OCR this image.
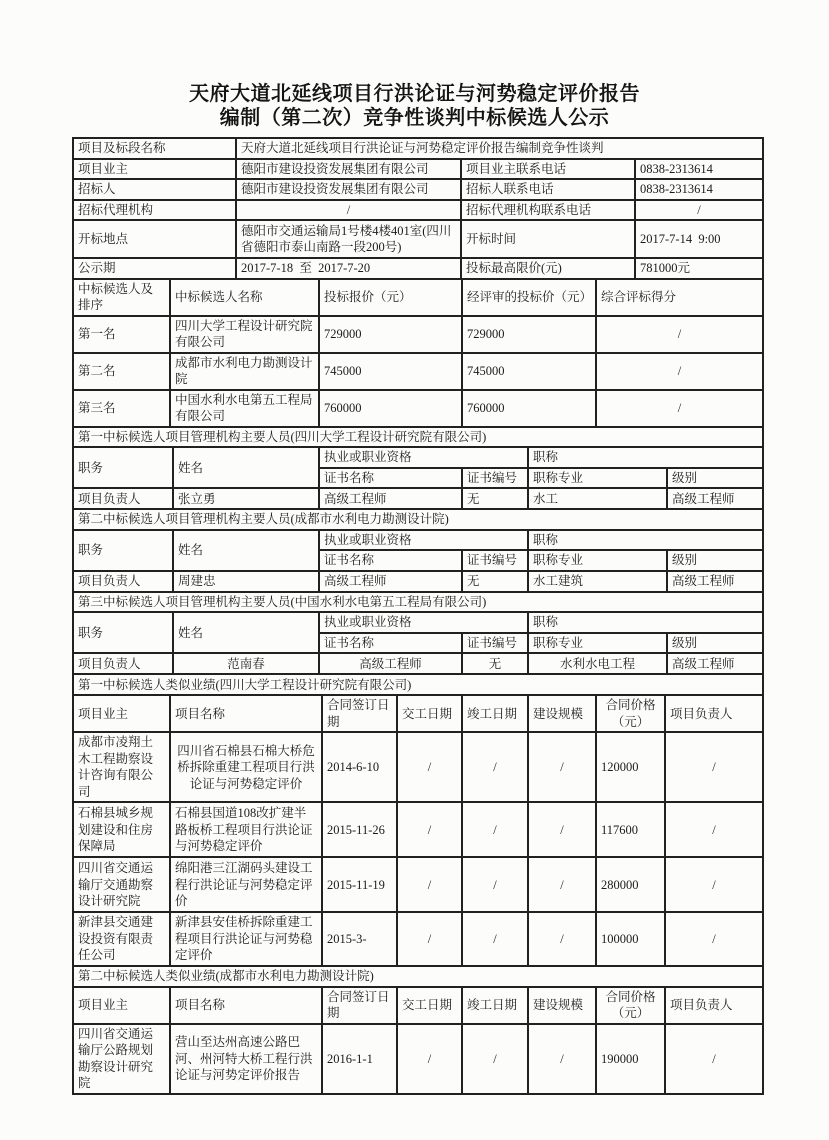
天府大道北延线项目行洪论证与河势稳定评价报告
编制（第二次）竞争性谈判中标候选人公示
项目及标段名称	天府大道北延线项目行洪论证与河势稳定评价报告编制竞争性谈判		
项目业主	德阳市建设投资发展集团有限公司	项目业主联系电话	0838-2313614
招标人	德阳市建设投资发展集团有限公司	招标人联系电话	0838-2313614
招标代理机构	/	招标代理机构联系电话	/
开标地点	德阳市交通运输局1号楼4楼401室(四川省德阳市泰山南路一段200号)	开标时间	2017-7-14  9:00
公示期	2017-7-18  至  2017-7-20	投标最高限价(元)	781000元
中标候选人及排序	中标候选人名称	投标报价（元）	经评审的投标价（元）	综合评标得分
第一名	四川大学工程设计研究院有限公司	729000	729000	/
第二名	成都市水利电力勘测设计院	745000	745000	/
第三名	中国水利水电第五工程局有限公司	760000	760000	/
第一中标候选人项目管理机构主要人员(四川大学工程设计研究院有限公司)					
职务	姓名	执业或职业资格		职称	
		证书名称	证书编号	职称专业	级别
项目负责人	张立勇	高级工程师	无	水工	高级工程师
第二中标候选人项目管理机构主要人员(成都市水利电力勘测设计院)					
职务	姓名	执业或职业资格		职称	
		证书名称	证书编号	职称专业	级别
项目负责人	周建忠	高级工程师	无	水工建筑	高级工程师
第三中标候选人项目管理机构主要人员(中国水利水电第五工程局有限公司)					
职务	姓名	执业或职业资格		职称	
		证书名称	证书编号	职称专业	级别
项目负责人	范南春	高级工程师	无	水利水电工程	高级工程师
第一中标候选人类似业绩(四川大学工程设计研究院有限公司)							
项目业主	项目名称	合同签订日期	交工日期	竣工日期	建设规模	合同价格（元）	项目负责人
成都市凌翔土木工程勘察设计咨询有限公司	四川省石棉县石棉大桥危桥拆除重建工程项目行洪论证与河势稳定评价	2014-6-10	/	/	/	120000	/
石棉县城乡规划建设和住房保障局	石棉县国道108改扩建半路板桥工程项目行洪论证与河势稳定评价	2015-11-26	/	/	/	117600	/
四川省交通运输厅交通勘察设计研究院	绵阳港三江湖码头建设工程行洪论证与河势稳定评价	2015-11-19	/	/	/	280000	/
新津县交通建设投资有限责任公司	新津县安佳桥拆除重建工程项目行洪论证与河势稳定评价	2015-3-	/	/	/	100000	/
第二中标候选人类似业绩(成都市水利电力勘测设计院)							
项目业主	项目名称	合同签订日期	交工日期	竣工日期	建设规模	合同价格（元）	项目负责人
四川省交通运输厅公路规划勘察设计研究院	营山至达州高速公路巴河、州河特大桥工程行洪论证与河势定评价报告	2016-1-1	/	/	/	190000	/
